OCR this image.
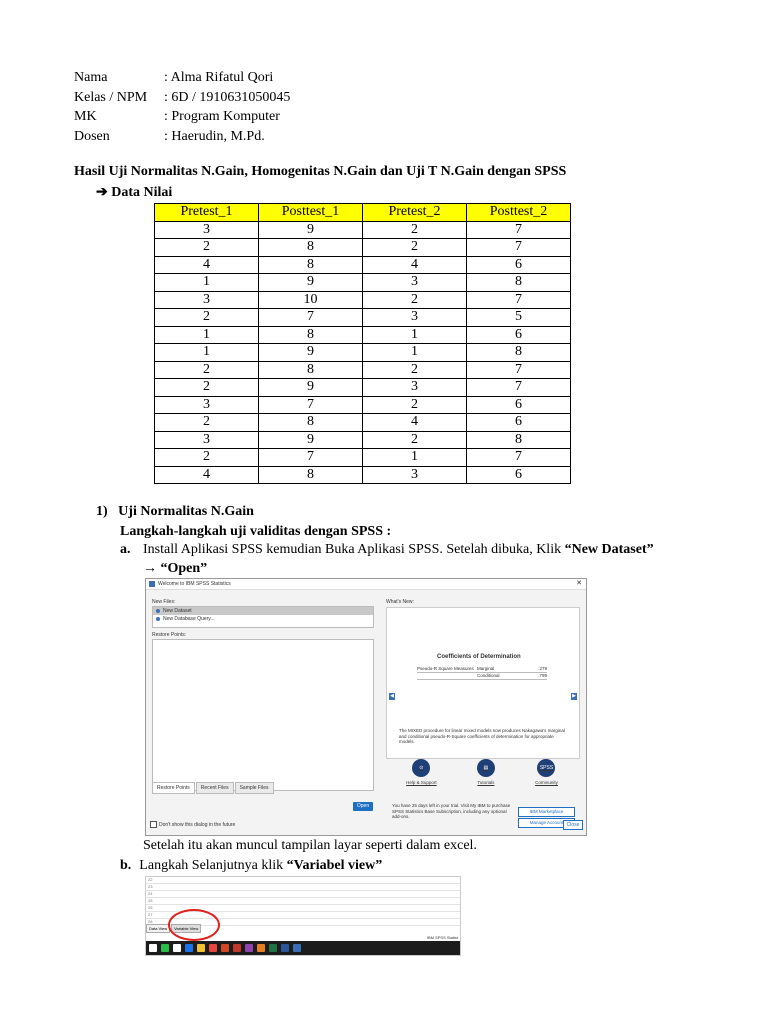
Nama	: Alma Rifatul Qori
Kelas / NPM	: 6D / 1910631050045
MK	: Program Komputer
Dosen	: Haerudin, M.Pd.
Hasil Uji Normalitas N.Gain, Homogenitas N.Gain dan Uji T N.Gain dengan SPSS
➔ Data Nilai
Pretest_1	Posttest_1	Pretest_2	Posttest_2
3	9	2	7
2	8	2	7
4	8	4	6
1	9	3	8
3	10	2	7
2	7	3	5
1	8	1	6
1	9	1	8
2	8	2	7
2	9	3	7
3	7	2	6
2	8	4	6
3	9	2	8
2	7	1	7
4	8	3	6
1) Uji Normalitas N.Gain
Langkah-langkah uji validitas dengan SPSS :
a. Install Aplikasi SPSS kemudian Buka Aplikasi SPSS. Setelah dibuka, Klik “New Dataset” → “Open”
Welcome to IBM SPSS Statistics	✕
New Files:
New Dataset
New Database Query...
Restore Points:
Restore Points	Recent Files	Sample Files
Open
Don't show this dialog in the future
What's New:
Coefficients of Determination
Pseudo-R Square Measures Marginal	.279
Conditional	.799
The MIXED procedure for linear mixed models now produces Nakagawa's marginal and conditional pseudo-R-Square coefficients of determination for appropriate models.
◀	▶
⊙
Help & Support
▤
Tutorials
SPSS
Community
You have 25 days left in your trial. Visit My IBM to purchase SPSS Statistics Base Subscription, including any optional add-ons.
IBM Marketplace
Manage Account Close
Setelah itu akan muncul tampilan layar seperti dalam excel.
b. Langkah Selanjutnya klik “Variabel view”
22
23
24
25
26
27
28
Data View	Variable View
IBM SPSS Statist
